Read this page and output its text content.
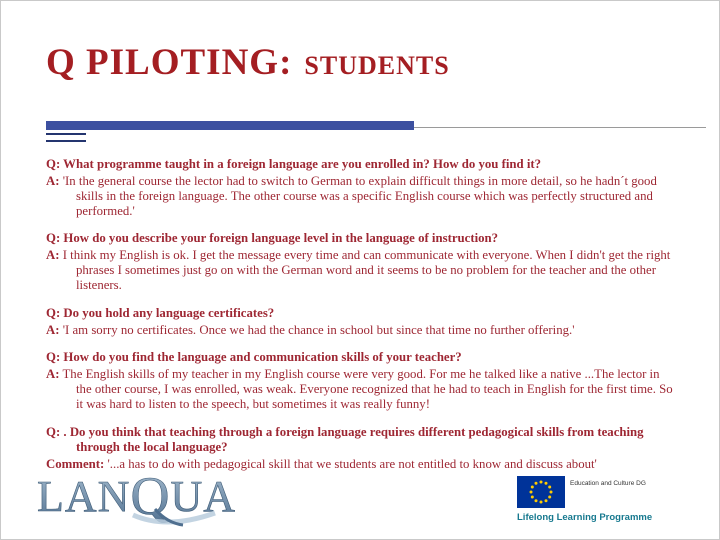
Q PILOTING: STUDENTS

Q: What programme taught in a foreign language are you enrolled in? How do you find it?

A: 'In the general course the lector had to switch to German to explain difficult things in more detail, so he hadn´t good skills in the foreign language. The other course was a specific English course which was perfectly structured and performed.'

Q: How do you describe your foreign language level in the language of instruction?

A: I think my English is ok. I get the message every time and can communicate with everyone. When I didn't get the right phrases I sometimes just go on with the German word and it seems to be no problem for the teacher and the other listeners.

Q: Do you hold any language certificates?

A: 'I am sorry no certificates. Once we had the chance in school but since that time no further offering.'

Q: How do you find the language and communication skills of your teacher?

A: The English skills of my teacher in my English course were very good. For me he talked like a native ...The lector in the other course, I was enrolled, was weak. Everyone recognized that he had to teach in English for the first time. So it was hard to listen to the speech, but sometimes it was really funny!

Q: . Do you think that teaching through a foreign language requires different pedagogical skills from teaching through the local language?

Comment: '...a has to do with pedagogical skill that we students are not entitled to know and discuss about'

LANQUA	Education and Culture DG
Lifelong Learning Programme
